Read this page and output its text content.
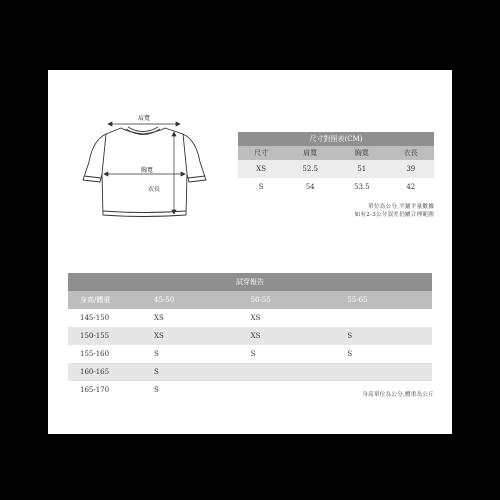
肩寬
胸寬
衣長
尺寸對照表(CM)			
尺寸	肩寬	胸寬	衣長
XS	52.5	51	39
S	54	53.5	42
單位為公分,平鋪平量數據
如有2-3公分誤差仍屬合理範圍
試穿報告			
身高/體重	45-50	50-55	55-65
145-150	XS	XS	
150-155	XS	XS	S
155-160	S	S	S
160-165	S		
165-170	S		
身高單位為公分,體重為公斤
